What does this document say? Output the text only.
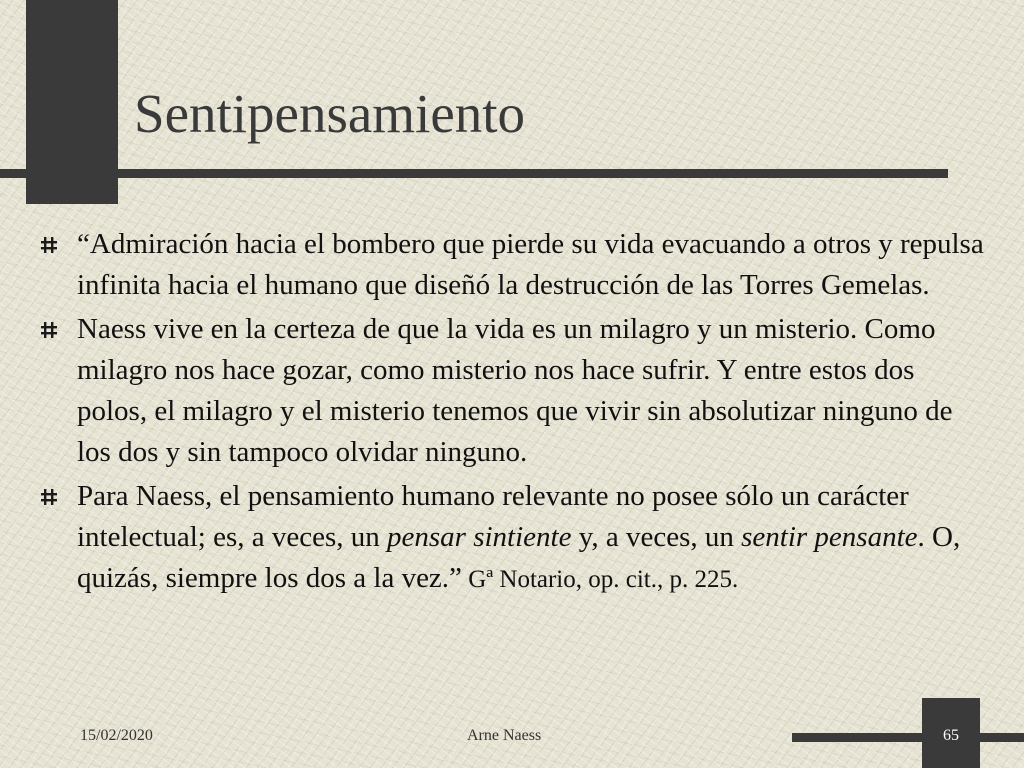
Sentipensamiento
“Admiración hacia el bombero que pierde su vida evacuando a otros y repulsa infinita hacia el humano que diseñó la destrucción de las Torres Gemelas.
Naess vive en la certeza de que la vida es un milagro y un misterio. Como milagro nos hace gozar, como misterio nos hace sufrir. Y entre estos dos polos, el milagro y el misterio tenemos que vivir sin absolutizar ninguno de los dos y sin tampoco olvidar ninguno.
Para Naess, el pensamiento humano relevante no posee sólo un carácter intelectual; es, a veces, un pensar sintiente y, a veces, un sentir pensante. O, quizás, siempre los dos a la vez.” Gª Notario, op. cit., p. 225.
15/02/2020	Arne Naess	65
